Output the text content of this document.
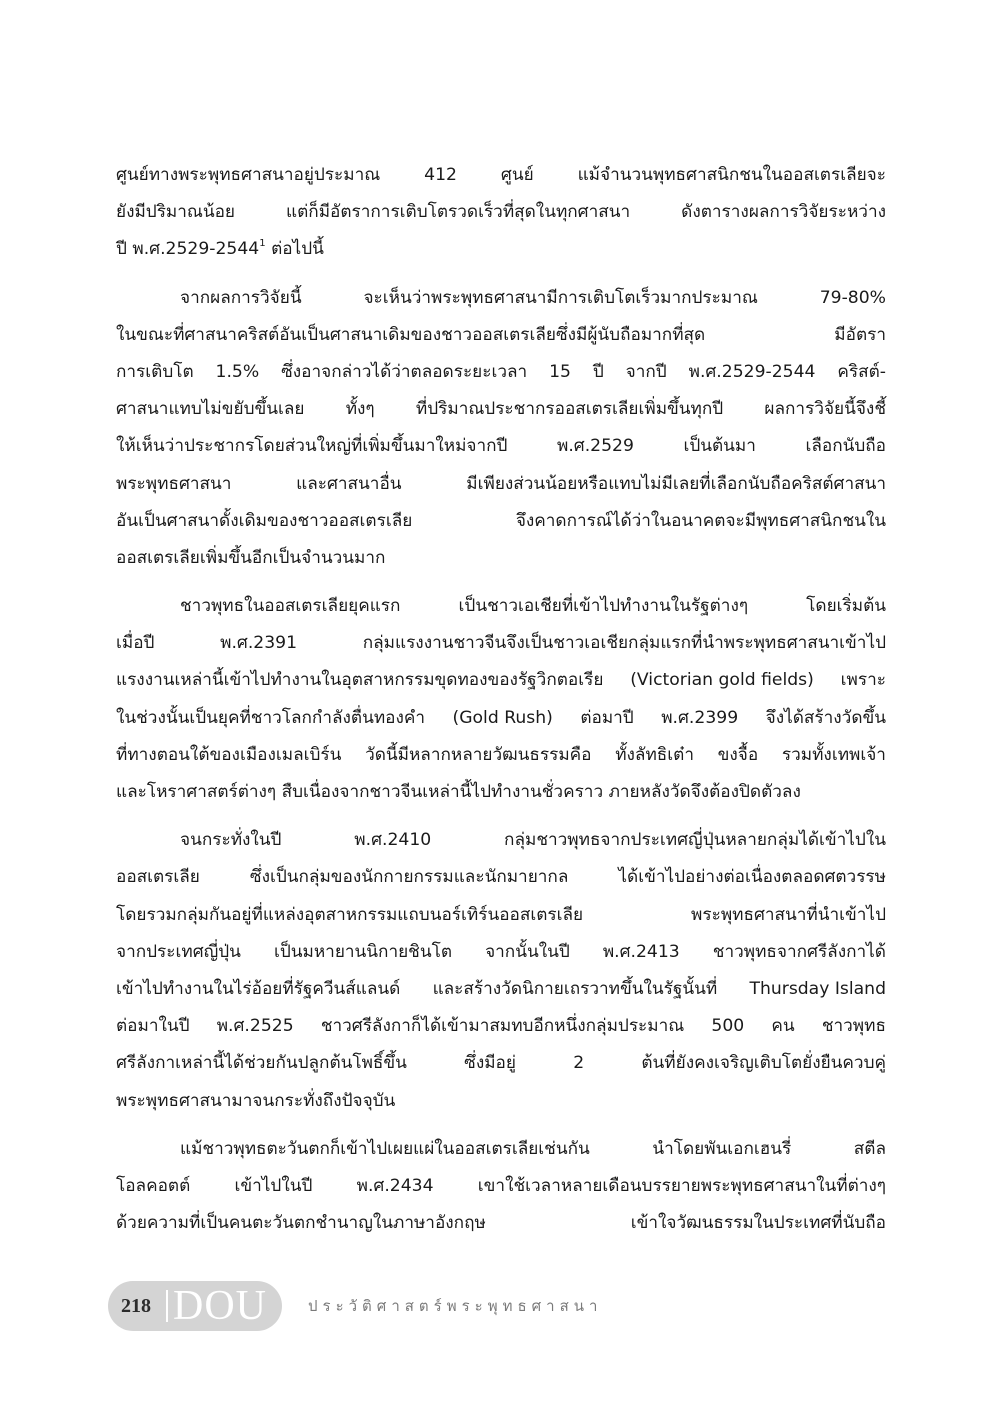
ศูนย์ทางพระพุทธศาสนาอยู่ประมาณ	412	ศูนย์	แม้จำนวนพุทธศาสนิกชนในออสเตรเลียจะ
ยังมีปริมาณน้อย	แต่ก็มีอัตราการเติบโตรวดเร็วที่สุดในทุกศาสนา	ดังตารางผลการวิจัยระหว่าง
ปี พ.ศ.2529-2544$^1$ ต่อไปนี้
จากผลการวิจัยนี้	จะเห็นว่าพระพุทธศาสนามีการเติบโตเร็วมากประมาณ	79-80%
ในขณะที่ศาสนาคริสต์อันเป็นศาสนาเดิมของชาวออสเตรเลียซึ่งมีผู้นับถือมากที่สุด	มีอัตรา
การเติบโต 1.5% ซึ่งอาจกล่าวได้ว่าตลอดระยะเวลา 15 ปี จากปี พ.ศ.2529-2544 คริสต์-
ศาสนาแทบไม่ขยับขึ้นเลย ทั้งๆ ที่ปริมาณประชากรออสเตรเลียเพิ่มขึ้นทุกปี ผลการวิจัยนี้จึงชี้
ให้เห็นว่าประชากรโดยส่วนใหญ่ที่เพิ่มขึ้นมาใหม่จากปี	พ.ศ.2529	เป็นต้นมา	เลือกนับถือ
พระพุทธศาสนา	และศาสนาอื่น	มีเพียงส่วนน้อยหรือแทบไม่มีเลยที่เลือกนับถือคริสต์ศาสนา
อันเป็นศาสนาดั้งเดิมของชาวออสเตรเลีย	จึงคาดการณ์ได้ว่าในอนาคตจะมีพุทธศาสนิกชนใน
ออสเตรเลียเพิ่มขึ้นอีกเป็นจำนวนมาก
ชาวพุทธในออสเตรเลียยุคแรก	เป็นชาวเอเชียที่เข้าไปทำงานในรัฐต่างๆ	โดยเริ่มต้น
เมื่อปี	พ.ศ.2391	กลุ่มแรงงานชาวจีนจึงเป็นชาวเอเชียกลุ่มแรกที่นำพระพุทธศาสนาเข้าไป
แรงงานเหล่านี้เข้าไปทำงานในอุตสาหกรรมขุดทองของรัฐวิกตอเรีย (Victorian gold fields) เพราะ
ในช่วงนั้นเป็นยุคที่ชาวโลกกำลังตื่นทองคำ (Gold Rush) ต่อมาปี พ.ศ.2399 จึงได้สร้างวัดขึ้น
ที่ทางตอนใต้ของเมืองเมลเบิร์น วัดนี้มีหลากหลายวัฒนธรรมคือ ทั้งลัทธิเต๋า ขงจื้อ รวมทั้งเทพเจ้า
และโหราศาสตร์ต่างๆ สืบเนื่องจากชาวจีนเหล่านี้ไปทำงานชั่วคราว ภายหลังวัดจึงต้องปิดตัวลง
จนกระทั่งในปี	พ.ศ.2410	กลุ่มชาวพุทธจากประเทศญี่ปุ่นหลายกลุ่มได้เข้าไปใน
ออสเตรเลีย	ซึ่งเป็นกลุ่มของนักกายกรรมและนักมายากล	ได้เข้าไปอย่างต่อเนื่องตลอดศตวรรษ
โดยรวมกลุ่มกันอยู่ที่แหล่งอุตสาหกรรมแถบนอร์เทิร์นออสเตรเลีย	พระพุทธศาสนาที่นำเข้าไป
จากประเทศญี่ปุ่น เป็นมหายานนิกายชินโต จากนั้นในปี พ.ศ.2413 ชาวพุทธจากศรีลังกาได้
เข้าไปทำงานในไร่อ้อยที่รัฐควีนส์แลนด์ และสร้างวัดนิกายเถรวาทขึ้นในรัฐนั้นที่ Thursday Island
ต่อมาในปี พ.ศ.2525 ชาวศรีลังกาก็ได้เข้ามาสมทบอีกหนึ่งกลุ่มประมาณ 500 คน ชาวพุทธ
ศรีลังกาเหล่านี้ได้ช่วยกันปลูกต้นโพธิ์ขึ้น	ซึ่งมีอยู่	2	ต้นที่ยังคงเจริญเติบโตยั่งยืนควบคู่
พระพุทธศาสนามาจนกระทั่งถึงปัจจุบัน
แม้ชาวพุทธตะวันตกก็เข้าไปเผยแผ่ในออสเตรเลียเช่นกัน	นำโดยพันเอกเฮนรี่	สตีล
โอลคอตต์	เข้าไปในปี	พ.ศ.2434	เขาใช้เวลาหลายเดือนบรรยายพระพุทธศาสนาในที่ต่างๆ
ด้วยความที่เป็นคนตะวันตกชำนาญในภาษาอังกฤษ	เข้าใจวัฒนธรรมในประเทศที่นับถือ
218 DOU	ประวัติศาสตร์พระพุทธศาสนา
